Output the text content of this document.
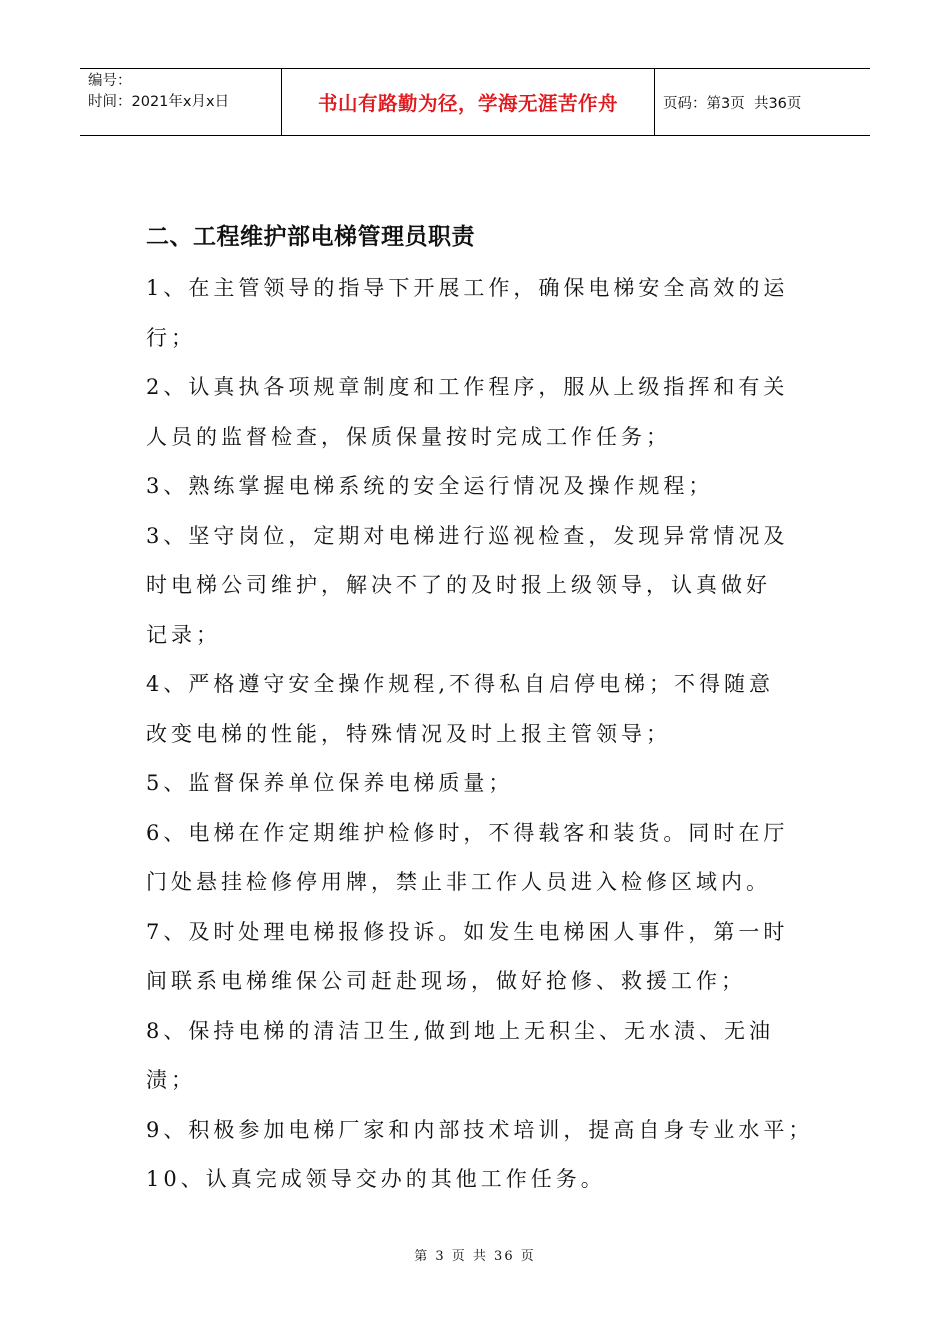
编号：
时间：2021年x月x日	书山有路勤为径，学海无涯苦作舟	页码：第3页  共36页
二、工程维护部电梯管理员职责
1、在主管领导的指导下开展工作，确保电梯安全高效的运
行；
2、认真执各项规章制度和工作程序，服从上级指挥和有关
人员的监督检查，保质保量按时完成工作任务；
3、熟练掌握电梯系统的安全运行情况及操作规程；
3、坚守岗位，定期对电梯进行巡视检查，发现异常情况及
时电梯公司维护，解决不了的及时报上级领导，认真做好
记录；
4、严格遵守安全操作规程,不得私自启停电梯；不得随意
改变电梯的性能，特殊情况及时上报主管领导；
5、监督保养单位保养电梯质量；
6、电梯在作定期维护检修时，不得载客和装货。同时在厅
门处悬挂检修停用牌，禁止非工作人员进入检修区域内。
7、及时处理电梯报修投诉。如发生电梯困人事件，第一时
间联系电梯维保公司赶赴现场，做好抢修、救援工作；
8、保持电梯的清洁卫生,做到地上无积尘、无水渍、无油
渍；
9、积极参加电梯厂家和内部技术培训，提高自身专业水平；
10、认真完成领导交办的其他工作任务。
第 3 页 共 36 页
